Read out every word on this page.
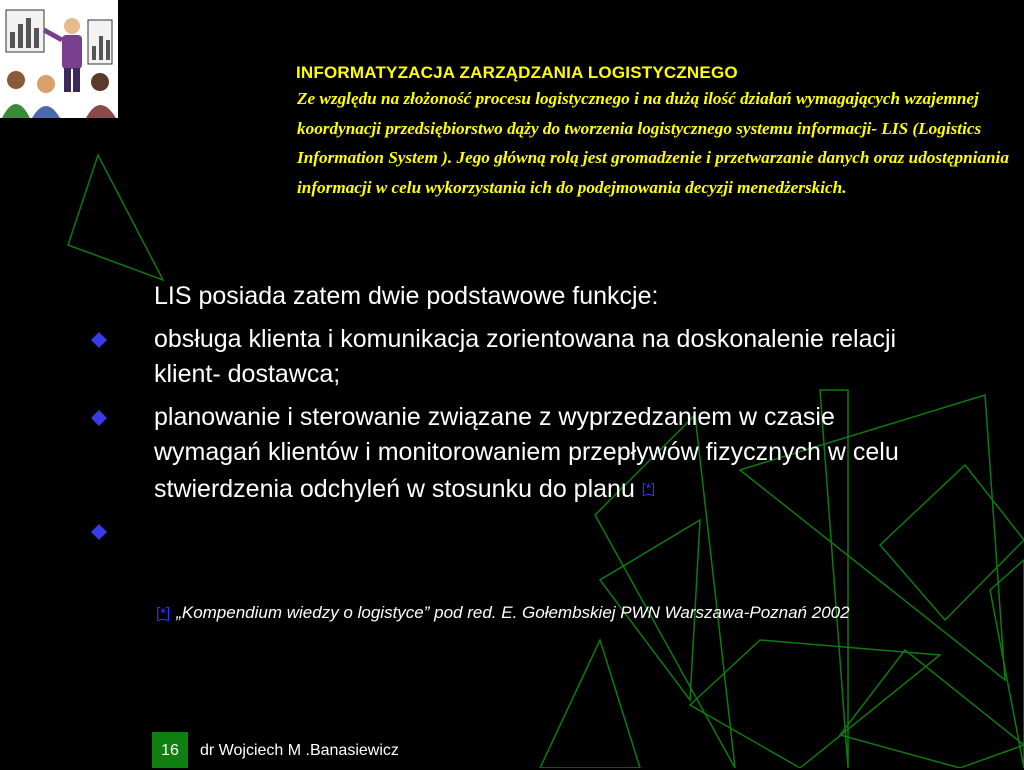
INFORMATYZACJA ZARZĄDZANIA LOGISTYCZNEGO

Ze względu na złożoność procesu logistycznego i na dużą ilość działań wymagających wzajemnej koordynacji przedsiębiorstwo dąży do tworzenia logistycznego systemu informacji- LIS (Logistics Information System ). Jego główną rolą jest gromadzenie i przetwarzanie danych oraz udostępniania informacji w celu wykorzystania ich do podejmowania decyzji menedżerskich.

LIS posiada zatem dwie podstawowe funkcje:

obsługa klienta i komunikacja zorientowana na doskonalenie relacji klient- dostawca;

planowanie i sterowanie związane z wyprzedzaniem w czasie wymagań klientów i monitorowaniem przepływów fizycznych w celu stwierdzenia odchyleń w stosunku do planu [*]

[*] „Kompendium wiedzy o logistyce” pod red. E. Gołembskiej PWN Warszawa-Poznań 2002

16	dr Wojciech M .Banasiewicz
